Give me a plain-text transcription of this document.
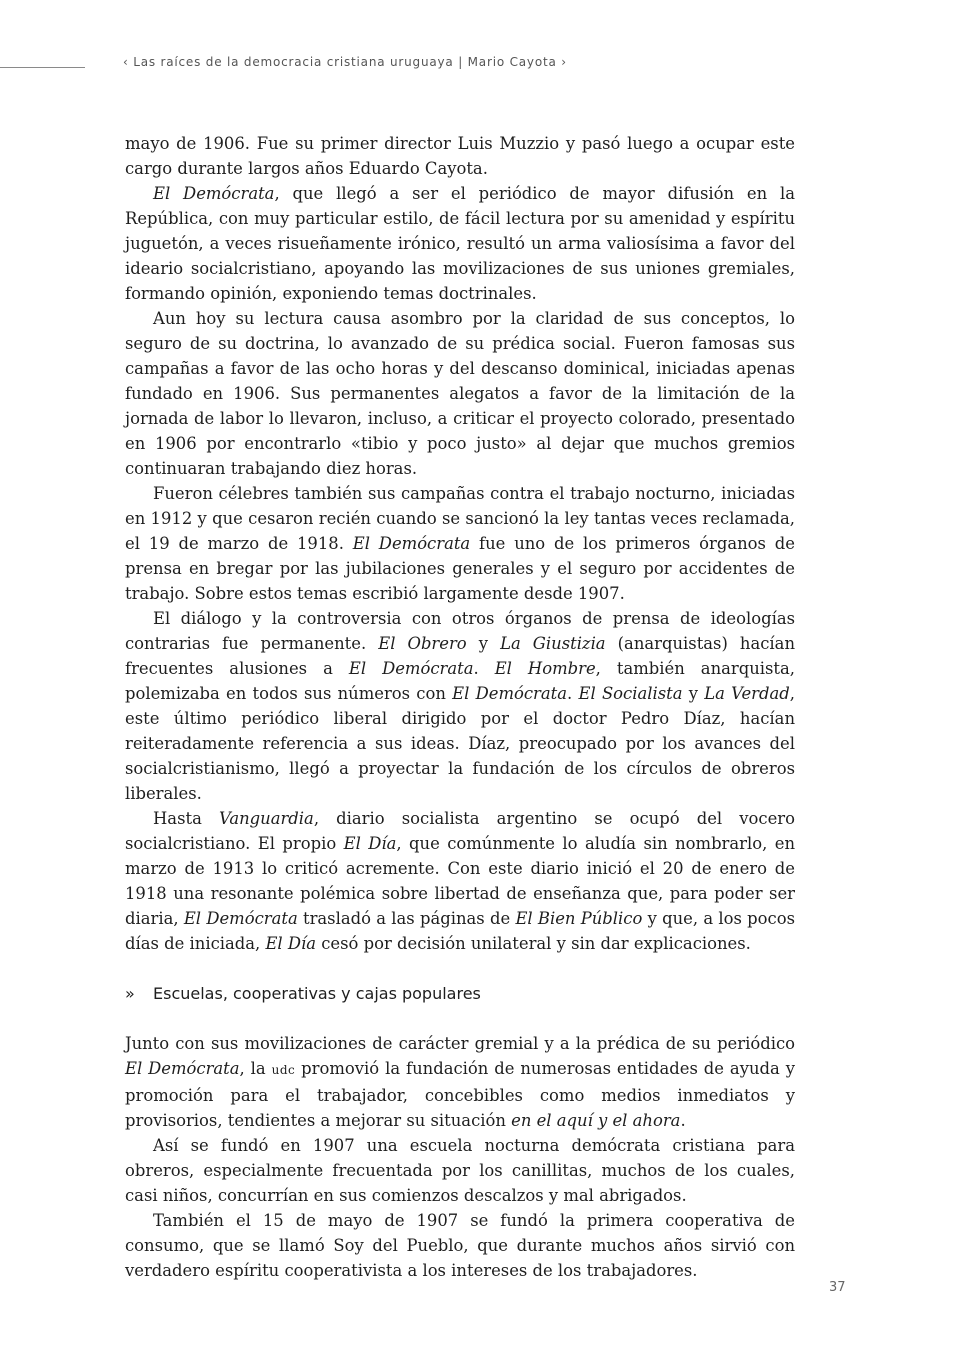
‹ Las raíces de la democracia cristiana uruguaya | Mario Cayota ›

mayo de 1906. Fue su primer director Luis Muzzio y pasó luego a ocupar este cargo durante largos años Eduardo Cayota.

El Demócrata, que llegó a ser el periódico de mayor difusión en la República, con muy particular estilo, de fácil lectura por su amenidad y espíritu juguetón, a veces risueñamente irónico, resultó un arma valiosísima a favor del ideario socialcristiano, apoyando las movilizaciones de sus uniones gremiales, formando opinión, exponiendo temas doctrinales.

Aun hoy su lectura causa asombro por la claridad de sus conceptos, lo seguro de su doctrina, lo avanzado de su prédica social. Fueron famosas sus campañas a favor de las ocho horas y del descanso dominical, iniciadas apenas fundado en 1906. Sus permanentes alegatos a favor de la limitación de la jornada de labor lo llevaron, incluso, a criticar el proyecto colorado, presentado en 1906 por encontrarlo «tibio y poco justo» al dejar que muchos gremios continuaran trabajando diez horas.

Fueron célebres también sus campañas contra el trabajo nocturno, iniciadas en 1912 y que cesaron recién cuando se sancionó la ley tantas veces reclamada, el 19 de marzo de 1918. El Demócrata fue uno de los primeros órganos de prensa en bregar por las jubilaciones generales y el seguro por accidentes de trabajo. Sobre estos temas escribió largamente desde 1907.

El diálogo y la controversia con otros órganos de prensa de ideologías contrarias fue permanente. El Obrero y La Giustizia (anarquistas) hacían frecuentes alusiones a El Demócrata. El Hombre, también anarquista, polemizaba en todos sus números con El Demócrata. El Socialista y La Verdad, este último periódico liberal dirigido por el doctor Pedro Díaz, hacían reiteradamente referencia a sus ideas. Díaz, preocupado por los avances del socialcristianismo, llegó a proyectar la fundación de los círculos de obreros liberales.

Hasta Vanguardia, diario socialista argentino se ocupó del vocero socialcristiano. El propio El Día, que comúnmente lo aludía sin nombrarlo, en marzo de 1913 lo criticó acremente. Con este diario inició el 20 de enero de 1918 una resonante polémica sobre libertad de enseñanza que, para poder ser diaria, El Demócrata trasladó a las páginas de El Bien Público y que, a los pocos días de iniciada, El Día cesó por decisión unilateral y sin dar explicaciones.

» Escuelas, cooperativas y cajas populares

Junto con sus movilizaciones de carácter gremial y a la prédica de su periódico El Demócrata, la udc promovió la fundación de numerosas entidades de ayuda y promoción para el trabajador, concebibles como medios inmediatos y provisorios, tendientes a mejorar su situación en el aquí y el ahora.

Así se fundó en 1907 una escuela nocturna demócrata cristiana para obreros, especialmente frecuentada por los canillitas, muchos de los cuales, casi niños, concurrían en sus comienzos descalzos y mal abrigados.

También el 15 de mayo de 1907 se fundó la primera cooperativa de consumo, que se llamó Soy del Pueblo, que durante muchos años sirvió con verdadero espíritu cooperativista a los intereses de los trabajadores.

37
